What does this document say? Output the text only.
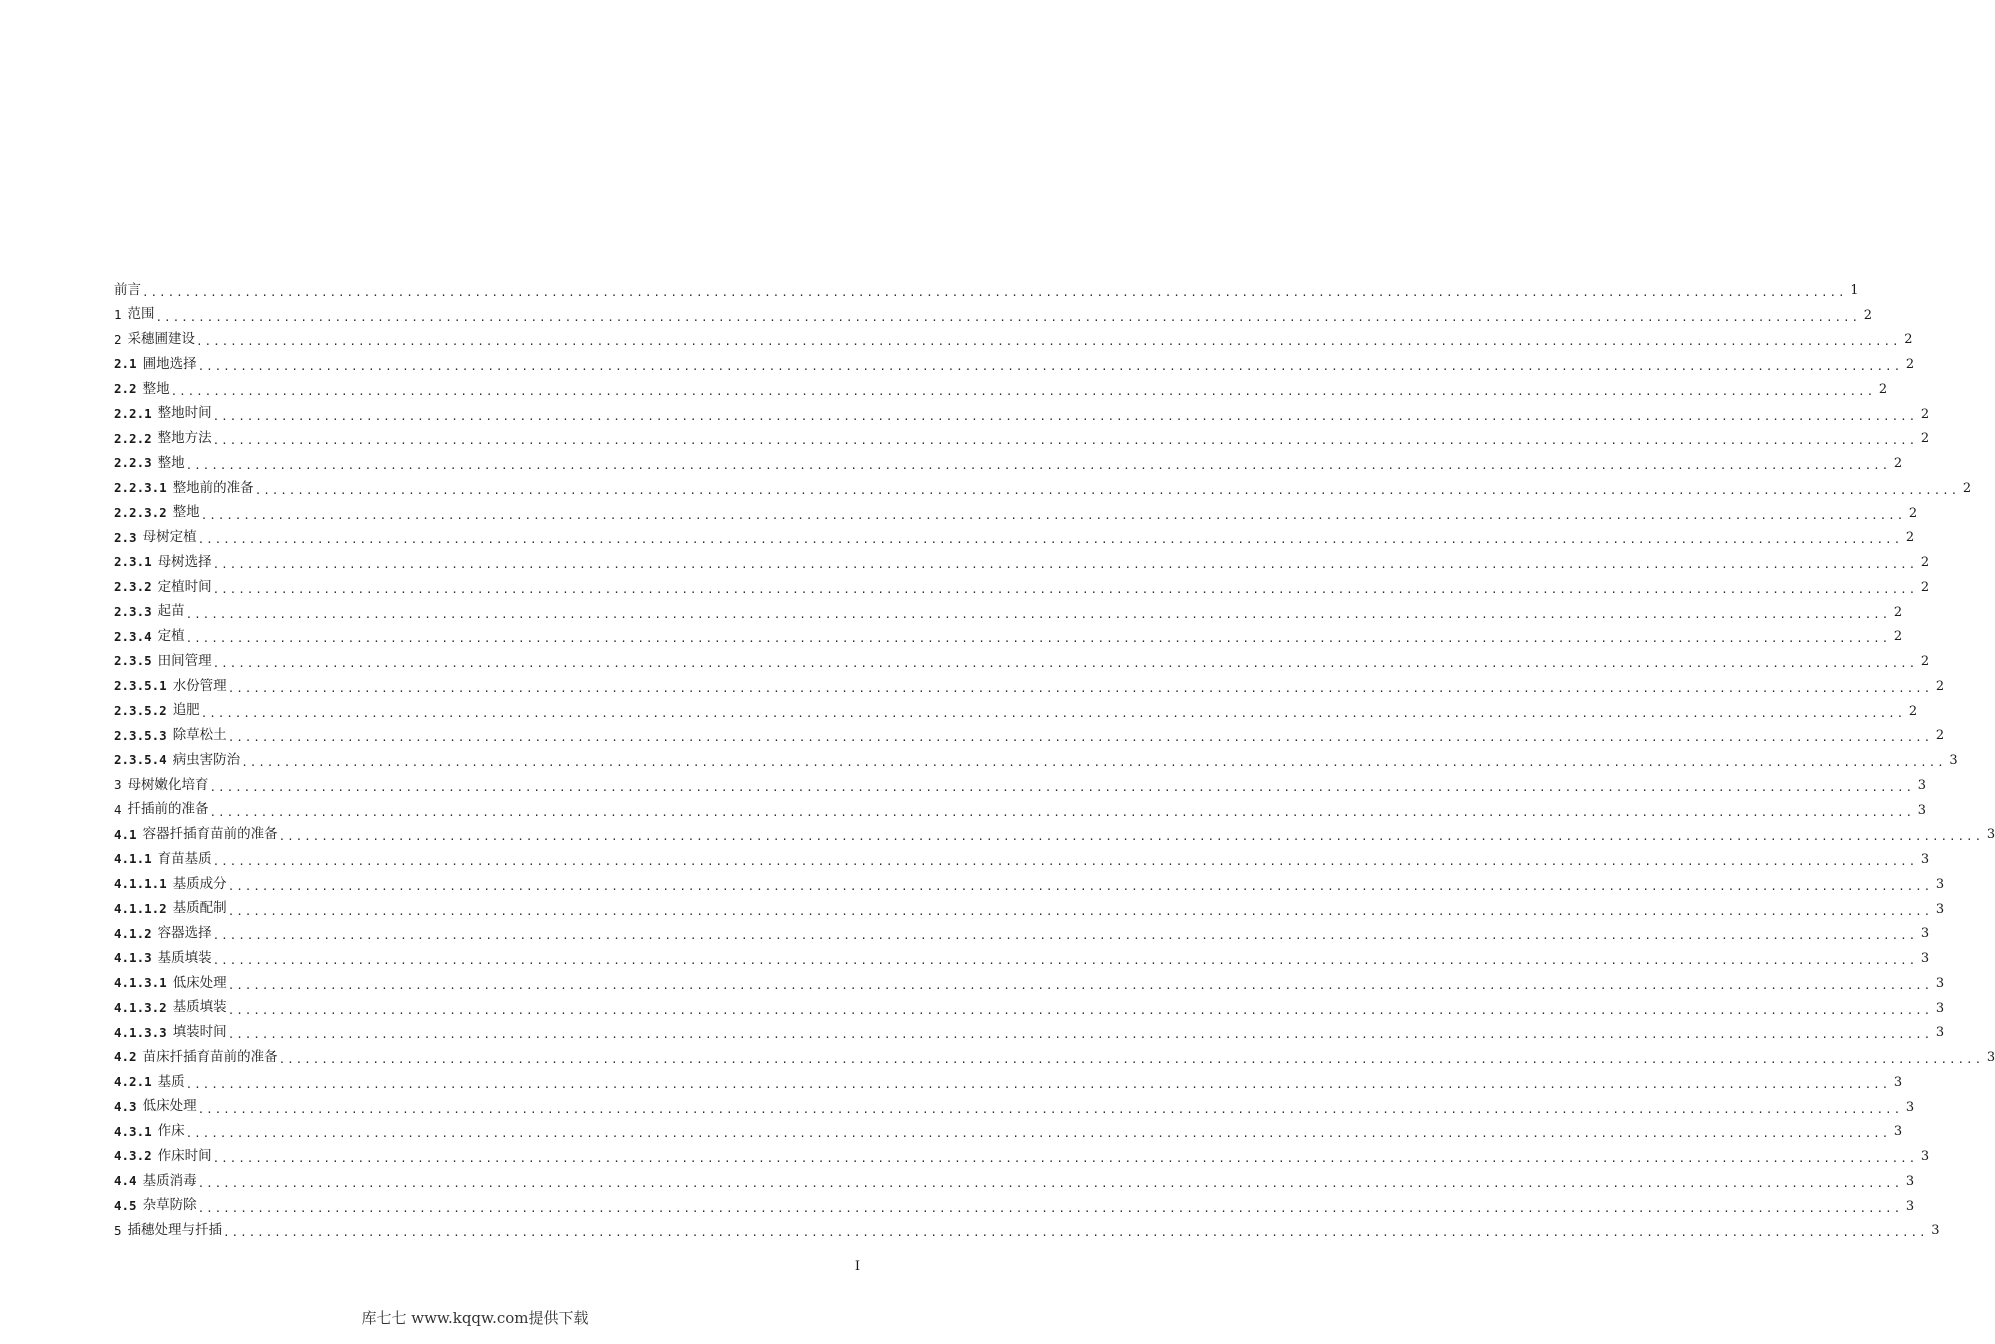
前言 ........................................................................................................................................................................................................ 1
1 范围 ........................................................................................................................................................................................................ 2
2 采穗圃建设 ........................................................................................................................................................................................................ 2
2.1 圃地选择 ........................................................................................................................................................................................................ 2
2.2 整地 ........................................................................................................................................................................................................ 2
2.2.1 整地时间 ........................................................................................................................................................................................................ 2
2.2.2 整地方法 ........................................................................................................................................................................................................ 2
2.2.3 整地 ........................................................................................................................................................................................................ 2
2.2.3.1 整地前的准备 ........................................................................................................................................................................................................ 2
2.2.3.2 整地 ........................................................................................................................................................................................................ 2
2.3 母树定植 ........................................................................................................................................................................................................ 2
2.3.1 母树选择 ........................................................................................................................................................................................................ 2
2.3.2 定植时间 ........................................................................................................................................................................................................ 2
2.3.3 起苗 ........................................................................................................................................................................................................ 2
2.3.4 定植 ........................................................................................................................................................................................................ 2
2.3.5 田间管理 ........................................................................................................................................................................................................ 2
2.3.5.1 水份管理 ........................................................................................................................................................................................................ 2
2.3.5.2 追肥 ........................................................................................................................................................................................................ 2
2.3.5.3 除草松土 ........................................................................................................................................................................................................ 2
2.3.5.4 病虫害防治 ........................................................................................................................................................................................................ 3
3 母树嫩化培育 ........................................................................................................................................................................................................ 3
4 扦插前的准备 ........................................................................................................................................................................................................ 3
4.1 容器扦插育苗前的准备 ........................................................................................................................................................................................................ 3
4.1.1 育苗基质 ........................................................................................................................................................................................................ 3
4.1.1.1 基质成分 ........................................................................................................................................................................................................ 3
4.1.1.2 基质配制 ........................................................................................................................................................................................................ 3
4.1.2 容器选择 ........................................................................................................................................................................................................ 3
4.1.3 基质填装 ........................................................................................................................................................................................................ 3
4.1.3.1 低床处理 ........................................................................................................................................................................................................ 3
4.1.3.2 基质填装 ........................................................................................................................................................................................................ 3
4.1.3.3 填装时间 ........................................................................................................................................................................................................ 3
4.2 苗床扦插育苗前的准备 ........................................................................................................................................................................................................ 3
4.2.1 基质 ........................................................................................................................................................................................................ 3
4.3 低床处理 ........................................................................................................................................................................................................ 3
4.3.1 作床 ........................................................................................................................................................................................................ 3
4.3.2 作床时间 ........................................................................................................................................................................................................ 3
4.4 基质消毒 ........................................................................................................................................................................................................ 3
4.5 杂草防除 ........................................................................................................................................................................................................ 3
5 插穗处理与扦插 ........................................................................................................................................................................................................ 3
I
库七七 www.kqqw.com提供下载
